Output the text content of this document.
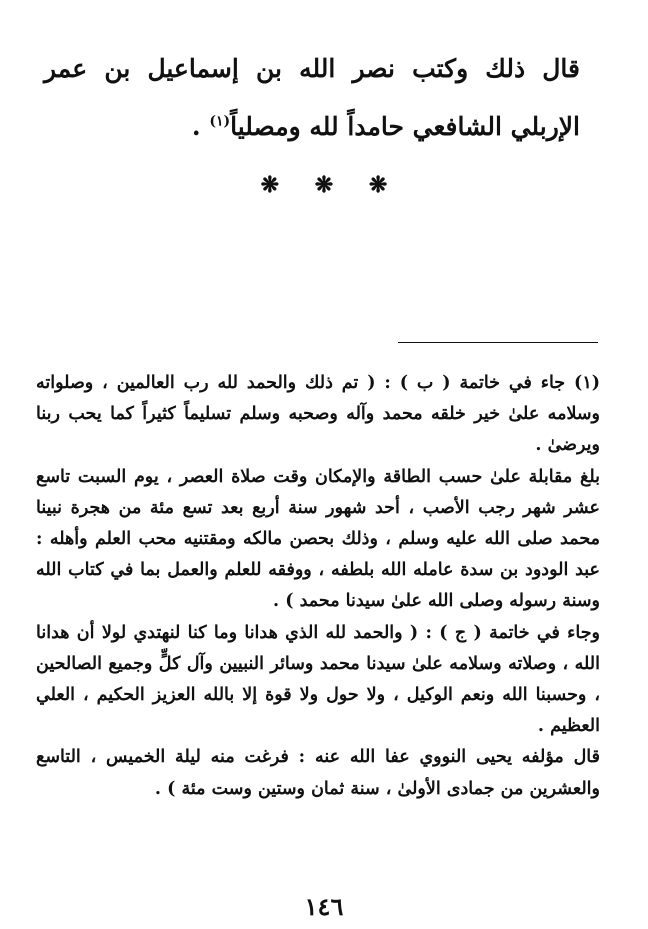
قال ذلك وكتب نصر الله بن إسماعيل بن عمر الإربلي الشافعي حامداً لله ومصلياً$^{(١)}$ .

❋ ❋ ❋

(١) جاء في خاتمة ( ب ) : ( تم ذلك والحمد لله رب العالمين ، وصلواته وسلامه علىٰ خير خلقه محمد وآله وصحبه وسلم تسليماً كثيراً كما يحب ربنا ويرضىٰ .

بلغ مقابلة علىٰ حسب الطاقة والإمكان وقت صلاة العصر ، يوم السبت تاسع عشر شهر رجب الأصب ، أحد شهور سنة أربع بعد تسع مئة من هجرة نبينا محمد صلى الله عليه وسلم ، وذلك بحصن مالكه ومقتنيه محب العلم وأهله : عبد الودود بن سدة عامله الله بلطفه ، ووفقه للعلم والعمل بما في كتاب الله وسنة رسوله وصلى الله علىٰ سيدنا محمد ) .

وجاء في خاتمة ( ج ) : ( والحمد لله الذي هدانا وما كنا لنهتدي لولا أن هدانا الله ، وصلاته وسلامه علىٰ سيدنا محمد وسائر النبيين وآل كلٍّ وجميع الصالحين ، وحسبنا الله ونعم الوكيل ، ولا حول ولا قوة إلا بالله العزيز الحكيم ، العلي العظيم .

قال مؤلفه يحيى النووي عفا الله عنه : فرغت منه ليلة الخميس ، التاسع والعشرين من جمادى الأولىٰ ، سنة ثمان وستين وست مئة ) .

١٤٦
